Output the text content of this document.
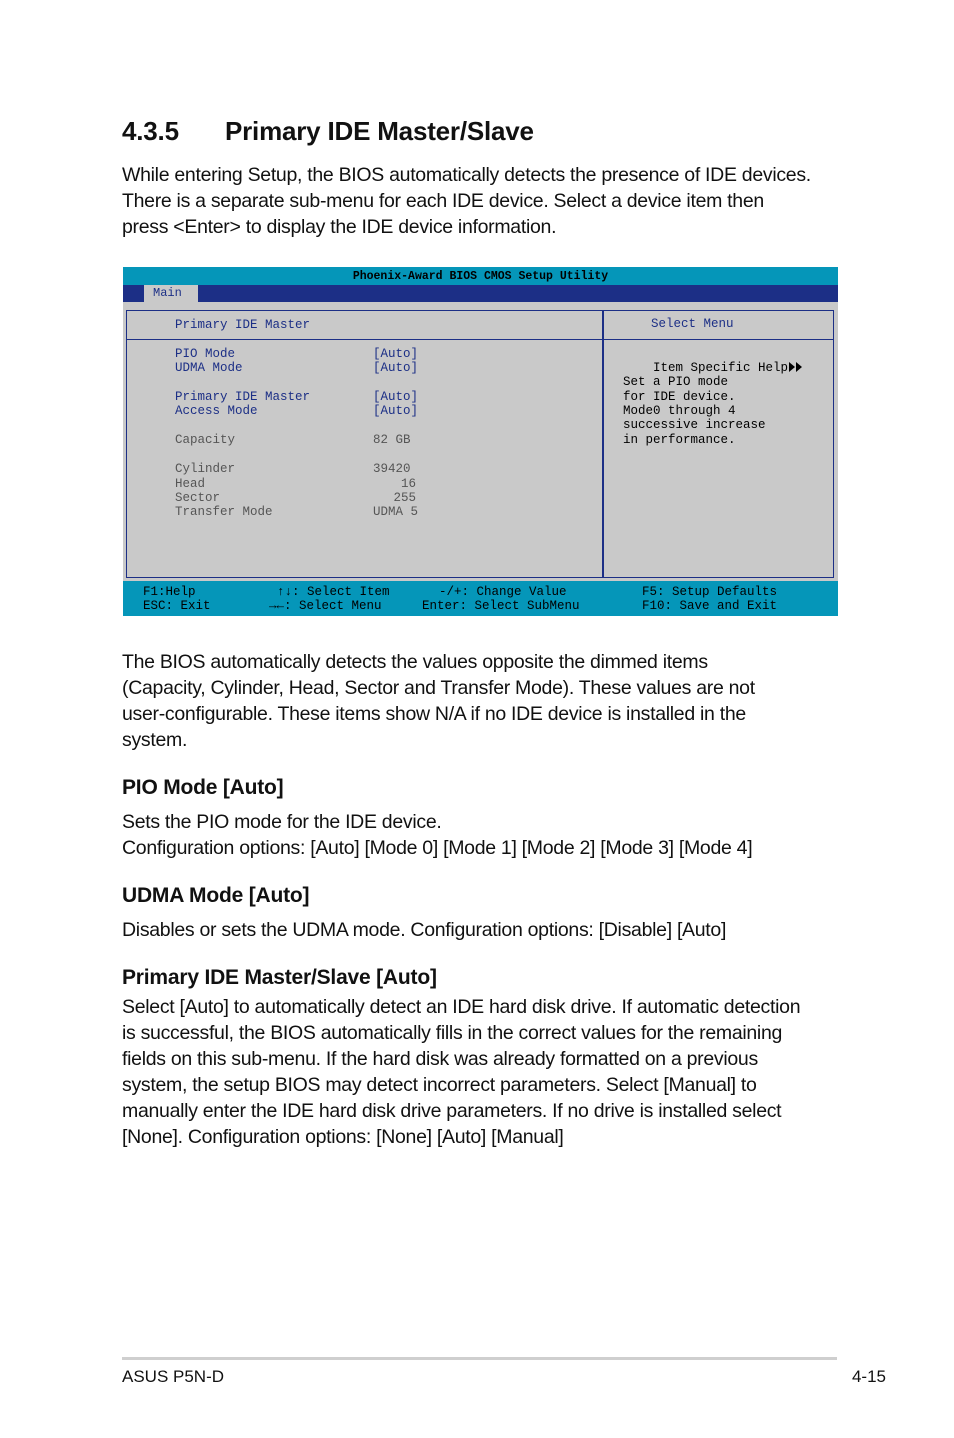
4.3.5 Primary IDE Master/Slave
While entering Setup, the BIOS automatically detects the presence of IDE devices.
There is a separate sub-menu for each IDE device. Select a device item then
press <Enter> to display the IDE device information.
Phoenix-Award BIOS CMOS Setup Utility
Main
Primary IDE Master	Select Menu
PIO Mode	[Auto]
UDMA Mode	[Auto]
Primary IDE Master	[Auto]
Access Mode	[Auto]
Capacity	82 GB
Cylinder	39420
Head	16
Sector	255
Transfer Mode	UDMA 5

Item Specific Help

Set a PIO mode
for IDE device.
Mode0 through 4
successive increase
in performance.
F1:Help
ESC: Exit
↑↓: Select Item
→←: Select Menu
-/+: Change Value
Enter: Select SubMenu
F5: Setup Defaults
F10: Save and Exit
The BIOS automatically detects the values opposite the dimmed items
(Capacity, Cylinder, Head, Sector and Transfer Mode). These values are not
user-configurable. These items show N/A if no IDE device is installed in the
system.
PIO Mode [Auto]
Sets the PIO mode for the IDE device.
Configuration options: [Auto] [Mode 0] [Mode 1] [Mode 2] [Mode 3] [Mode 4]
UDMA Mode [Auto]
Disables or sets the UDMA mode. Configuration options: [Disable] [Auto]
Primary IDE Master/Slave [Auto]
Select [Auto] to automatically detect an IDE hard disk drive. If automatic detection
is successful, the BIOS automatically fills in the correct values for the remaining
fields on this sub-menu. If the hard disk was already formatted on a previous
system, the setup BIOS may detect incorrect parameters. Select [Manual] to
manually enter the IDE hard disk drive parameters. If no drive is installed select
[None]. Configuration options: [None] [Auto] [Manual]
ASUS P5N-D	4-15
